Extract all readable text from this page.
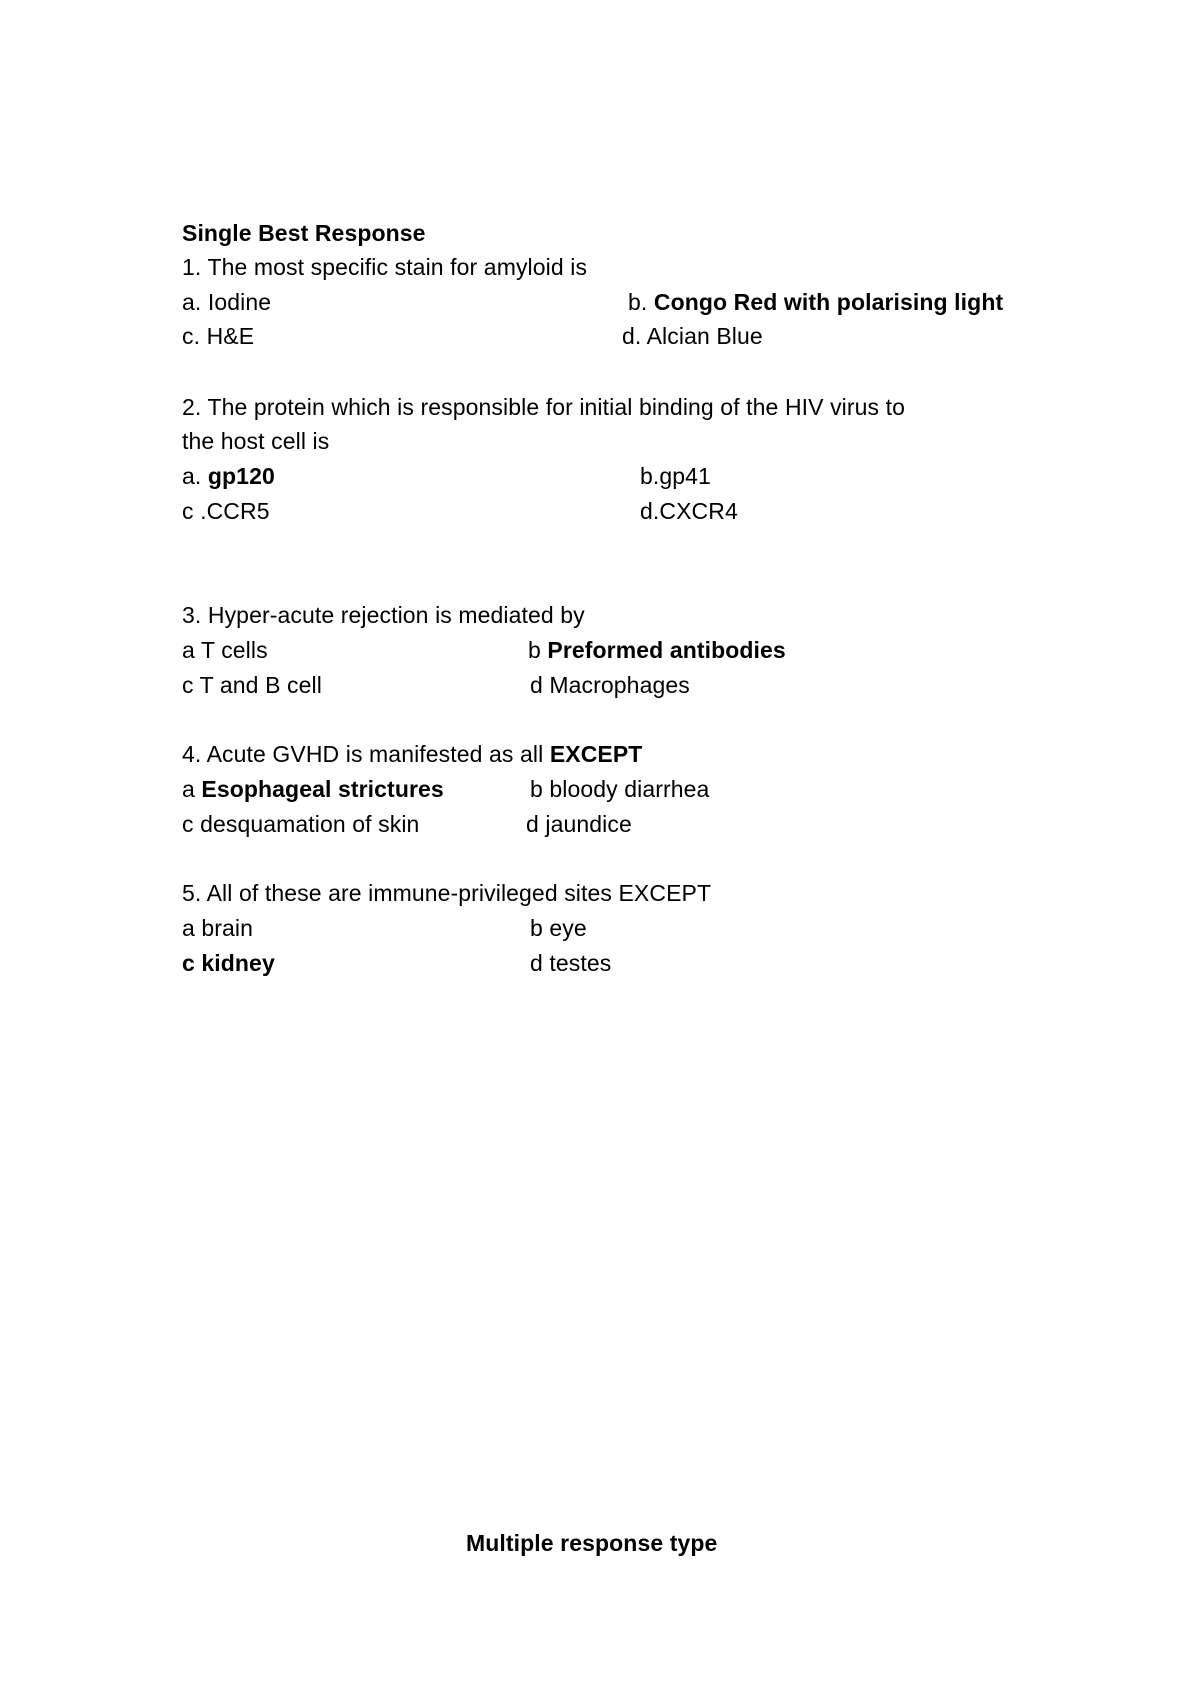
Single Best Response
1. The most specific stain for amyloid is
a. Iodine	b. Congo Red with polarising light
c. H&E	d. Alcian Blue
2. The protein which is responsible for initial binding of the HIV virus to
the host cell is
a. gp120	b.gp41
c .CCR5	d.CXCR4
3. Hyper-acute rejection is mediated by
a T cells	b Preformed antibodies
c T and B cell	d Macrophages
4. Acute GVHD is manifested as all EXCEPT
a Esophageal strictures	b bloody diarrhea
c desquamation of skin	d jaundice
5. All of these are immune-privileged sites EXCEPT
a brain	b eye
c kidney	d testes
Multiple response type
